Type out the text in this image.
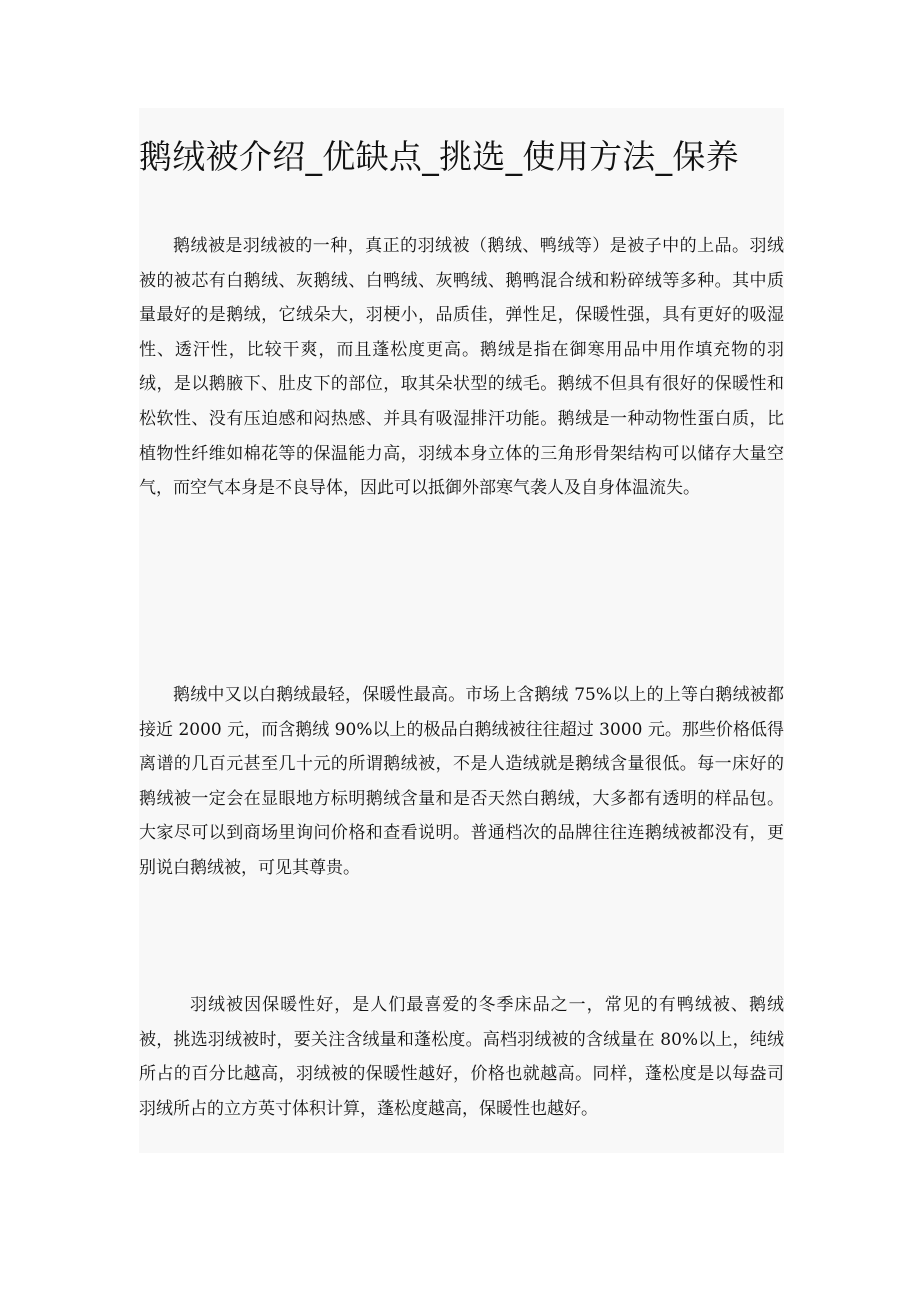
鹅绒被介绍_优缺点_挑选_使用方法_保养

鹅绒被是羽绒被的一种，真正的羽绒被（鹅绒、鸭绒等）是被子中的上品。羽绒被的被芯有白鹅绒、灰鹅绒、白鸭绒、灰鸭绒、鹅鸭混合绒和粉碎绒等多种。其中质量最好的是鹅绒，它绒朵大，羽梗小，品质佳，弹性足，保暖性强，具有更好的吸湿性、透汗性，比较干爽，而且蓬松度更高。鹅绒是指在御寒用品中用作填充物的羽绒，是以鹅腋下、肚皮下的部位，取其朵状型的绒毛。鹅绒不但具有很好的保暖性和松软性、没有压迫感和闷热感、并具有吸湿排汗功能。鹅绒是一种动物性蛋白质，比植物性纤维如棉花等的保温能力高，羽绒本身立体的三角形骨架结构可以储存大量空气，而空气本身是不良导体，因此可以抵御外部寒气袭人及自身体温流失。

鹅绒中又以白鹅绒最轻，保暖性最高。市场上含鹅绒 75%以上的上等白鹅绒被都接近 2000 元，而含鹅绒 90%以上的极品白鹅绒被往往超过 3000 元。那些价格低得离谱的几百元甚至几十元的所谓鹅绒被，不是人造绒就是鹅绒含量很低。每一床好的鹅绒被一定会在显眼地方标明鹅绒含量和是否天然白鹅绒，大多都有透明的样品包。大家尽可以到商场里询问价格和查看说明。普通档次的品牌往往连鹅绒被都没有，更别说白鹅绒被，可见其尊贵。

羽绒被因保暖性好，是人们最喜爱的冬季床品之一，常见的有鸭绒被、鹅绒被，挑选羽绒被时，要关注含绒量和蓬松度。高档羽绒被的含绒量在 80%以上，纯绒所占的百分比越高，羽绒被的保暖性越好，价格也就越高。同样，蓬松度是以每盎司羽绒所占的立方英寸体积计算，蓬松度越高，保暖性也越好。
